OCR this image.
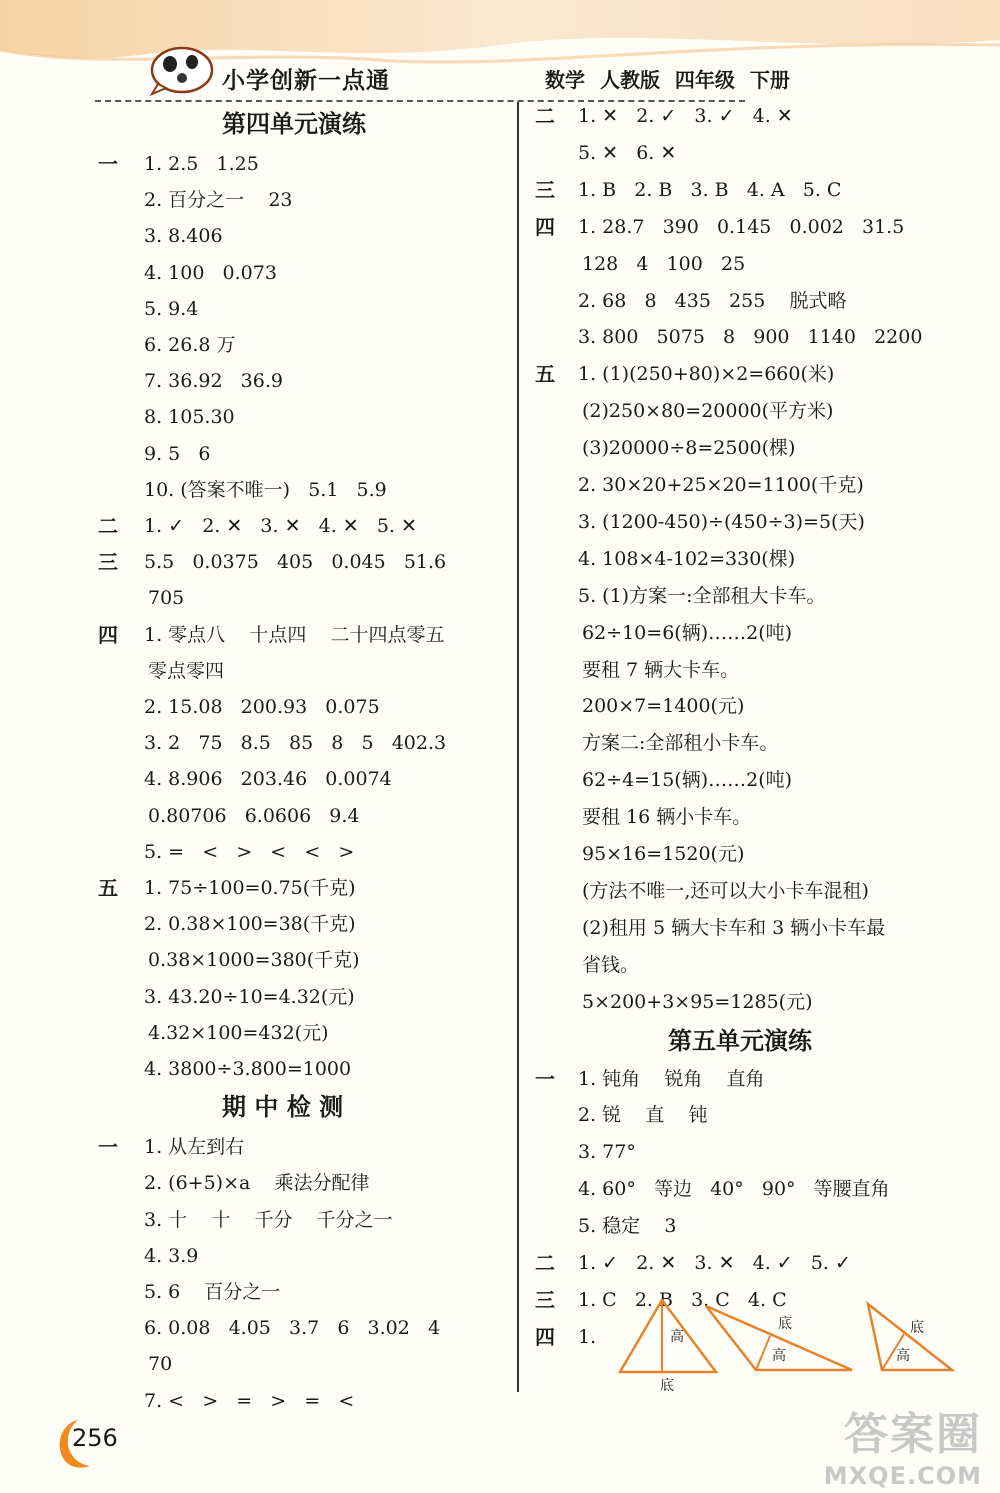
小学创新一点通	数学 人教版 四年级 下册
第四单元演练
一 1. 2.5   1.25
2. 百分之一    23
3. 8.406
4. 100   0.073
5. 9.4
6. 26.8 万
7. 36.92   36.9
8. 105.30
9. 5   6
10. (答案不唯一)   5.1   5.9
二 1. ✓   2. ✕   3. ✕   4. ✕   5. ✕
三 5.5   0.0375   405   0.045   51.6
705
四 1. 零点八    十点四    二十四点零五
零点零四
2. 15.08   200.93   0.075
3. 2   75   8.5   85   8   5   402.3
4. 8.906   203.46   0.0074
0.80706   6.0606   9.4
5. =   <   >   <   <   >
五 1. 75÷100=0.75(千克)
2. 0.38×100=38(千克)
0.38×1000=380(千克)
3. 43.20÷10=4.32(元)
4.32×100=432(元)
4. 3800÷3.800=1000
期 中 检 测
一 1. 从左到右
2. (6+5)×a    乘法分配律
3. 十    十    千分    千分之一
4. 3.9
5. 6    百分之一
6. 0.08   4.05   3.7   6   3.02   4
70
7. <   >   =   >   =   <
二 1. ✕   2. ✓   3. ✓   4. ✕
5. ✕   6. ✕
三 1. B   2. B   3. B   4. A   5. C
四 1. 28.7   390   0.145   0.002   31.5
128   4   100   25
2. 68   8   435   255    脱式略
3. 800   5075   8   900   1140   2200
五 1. (1)(250+80)×2=660(米)
(2)250×80=20000(平方米)
(3)20000÷8=2500(棵)
2. 30×20+25×20=1100(千克)
3. (1200-450)÷(450÷3)=5(天)
4. 108×4-102=330(棵)
5. (1)方案一:全部租大卡车。
62÷10=6(辆)……2(吨)
要租 7 辆大卡车。
200×7=1400(元)
方案二:全部租小卡车。
62÷4=15(辆)……2(吨)
要租 16 辆小卡车。
95×16=1520(元)
(方法不唯一,还可以大小卡车混租)
(2)租用 5 辆大卡车和 3 辆小卡车最
省钱。
5×200+3×95=1285(元)
第五单元演练
一 1. 钝角    锐角    直角
2. 锐    直    钝
3. 77°
4. 60°   等边   40°   90°   等腰直角
5. 稳定    3
二 1. ✓   2. ✕   3. ✕   4. ✓   5. ✓
三 1. C   2. B   3. C   4. C
四 1.	高
底
高
底
高
底
256	答案圈
MXQE.COM
